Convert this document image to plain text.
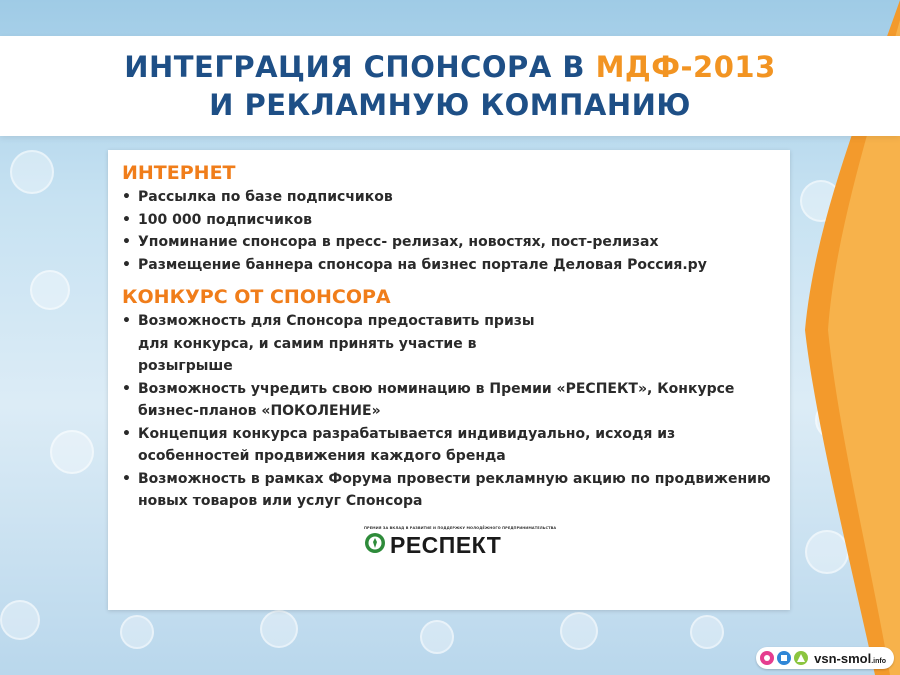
ИНТЕГРАЦИЯ СПОНСОРА В МДФ-2013
И РЕКЛАМНУЮ КОМПАНИЮ
ИНТЕРНЕТ
• Рассылка по базе подписчиков
• 100 000 подписчиков
• Упоминание спонсора в пресс- релизах, новостях, пост-релизах
• Размещение баннера спонсора на бизнес портале Деловая Россия.ру
КОНКУРС ОТ СПОНСОРА
• Возможность для Спонсора предоставить призы для конкурса, и самим принять участие в розыгрыше
• Возможность учредить свою номинацию в Премии «РЕСПЕКТ», Конкурсе бизнес-планов «ПОКОЛЕНИЕ»
• Концепция конкурса разрабатывается индивидуально, исходя из особенностей продвижения каждого бренда
• Возможность в рамках Форума провести рекламную акцию по продвижению новых товаров или услуг Спонсора
ПРЕМИЯ ЗА ВКЛАД В РАЗВИТИЕ И ПОДДЕРЖКУ МОЛОДЁЖНОГО ПРЕДПРИНИМАТЕЛЬСТВА
РЕСПЕКТ
vsn-smol.info
